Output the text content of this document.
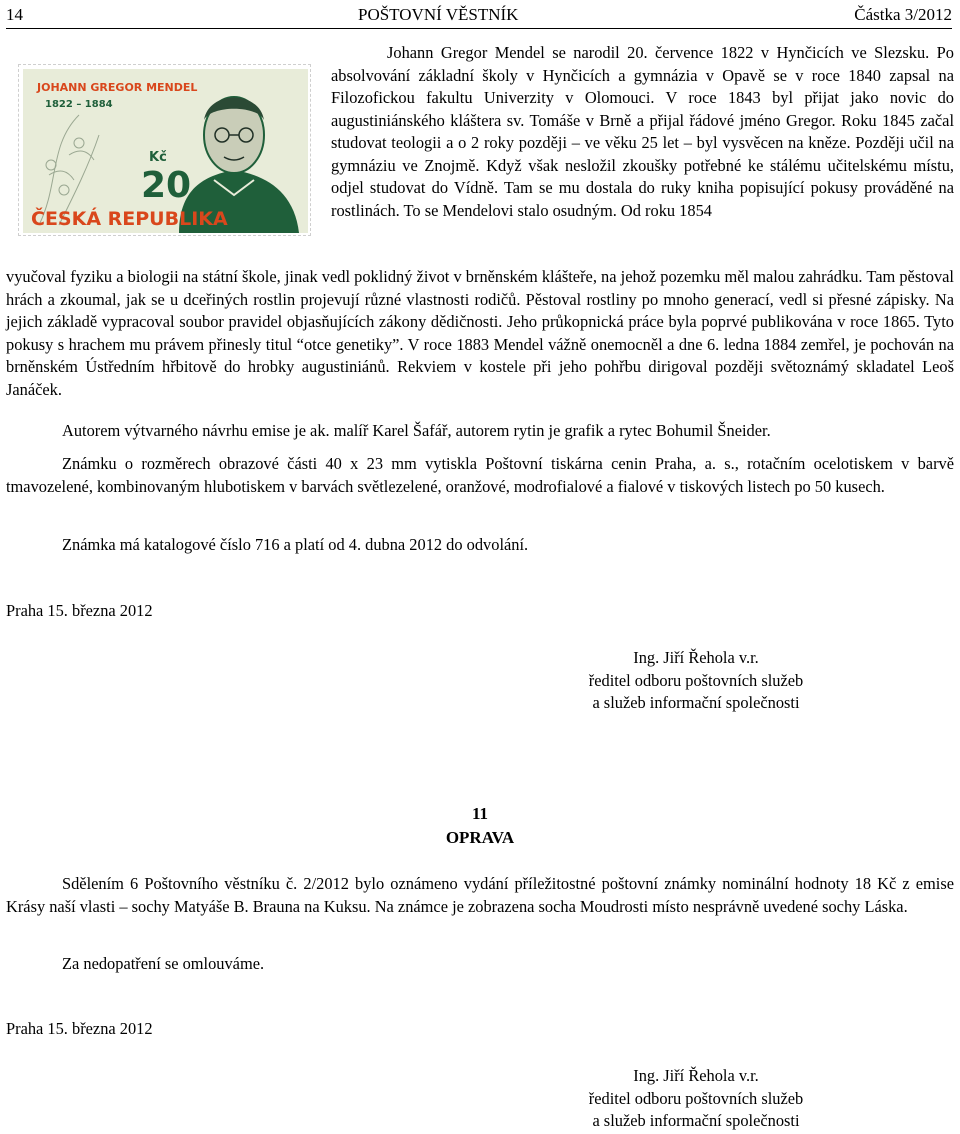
14	POŠTOVNÍ VĚSTNÍK	Částka 3/2012
JOHANN GREGOR MENDEL
1822 – 1884
Kč
20
ČESKÁ REPUBLIKA

Johann Gregor Mendel se narodil 20. července 1822 v Hynčicích ve Slezsku. Po absolvování základní školy v Hynčicích a gymnázia v Opavě se v roce 1840 zapsal na Filozofickou fakultu Univerzity v Olomouci. V roce 1843 byl přijat jako novic do augustiniánského kláštera sv. Tomáše v Brně a přijal řádové jméno Gregor. Roku 1845 začal studovat teologii a o 2 roky později – ve věku 25 let – byl vysvěcen na kněze. Později učil na gymnáziu ve Znojmě. Když však nesložil zkoušky potřebné ke stálému učitelskému místu, odjel studovat do Vídně. Tam se mu dostala do ruky kniha popisující pokusy prováděné na rostlinách. To se Mendelovi stalo osudným. Od roku 1854

vyučoval fyziku a biologii na státní škole, jinak vedl poklidný život v brněnském klášteře, na jehož pozemku měl malou zahrádku. Tam pěstoval hrách a zkoumal, jak se u dceřiných rostlin projevují různé vlastnosti rodičů. Pěstoval rostliny po mnoho generací, vedl si přesné zápisky. Na jejich základě vypracoval soubor pravidel objasňujících zákony dědičnosti. Jeho průkopnická práce byla poprvé publikována v roce 1865. Tyto pokusy s hrachem mu právem přinesly titul “otce genetiky”. V roce 1883 Mendel vážně onemocněl a dne 6. ledna 1884 zemřel, je pochován na brněnském Ústředním hřbitově do hrobky augustiniánů. Rekviem v kostele při jeho pohřbu dirigoval později světoznámý skladatel Leoš Janáček.

Autorem výtvarného návrhu emise je ak. malíř Karel Šafář, autorem rytin je grafik a rytec Bohumil Šneider.

Známku o rozměrech obrazové části 40 x 23 mm vytiskla Poštovní tiskárna cenin Praha, a. s., rotačním ocelotiskem v barvě tmavozelené, kombinovaným hlubotiskem v barvách světlezelené, oranžové, modrofialové a fialové v tiskových listech po 50 kusech.

Známka má katalogové číslo 716 a platí od 4. dubna 2012 do odvolání.

Praha 15. března 2012

Ing. Jiří Řehola v.r.
ředitel odboru poštovních služeb
a služeb informační společnosti
11
OPRAVA

Sdělením 6 Poštovního věstníku č. 2/2012 bylo oznámeno vydání příležitostné poštovní známky nominální hodnoty 18 Kč z emise Krásy naší vlasti – sochy Matyáše B. Brauna na Kuksu. Na známce je zobrazena socha Moudrosti místo nesprávně uvedené sochy Láska.

Za nedopatření se omlouváme.

Praha 15. března 2012

Ing. Jiří Řehola v.r.
ředitel odboru poštovních služeb
a služeb informační společnosti
